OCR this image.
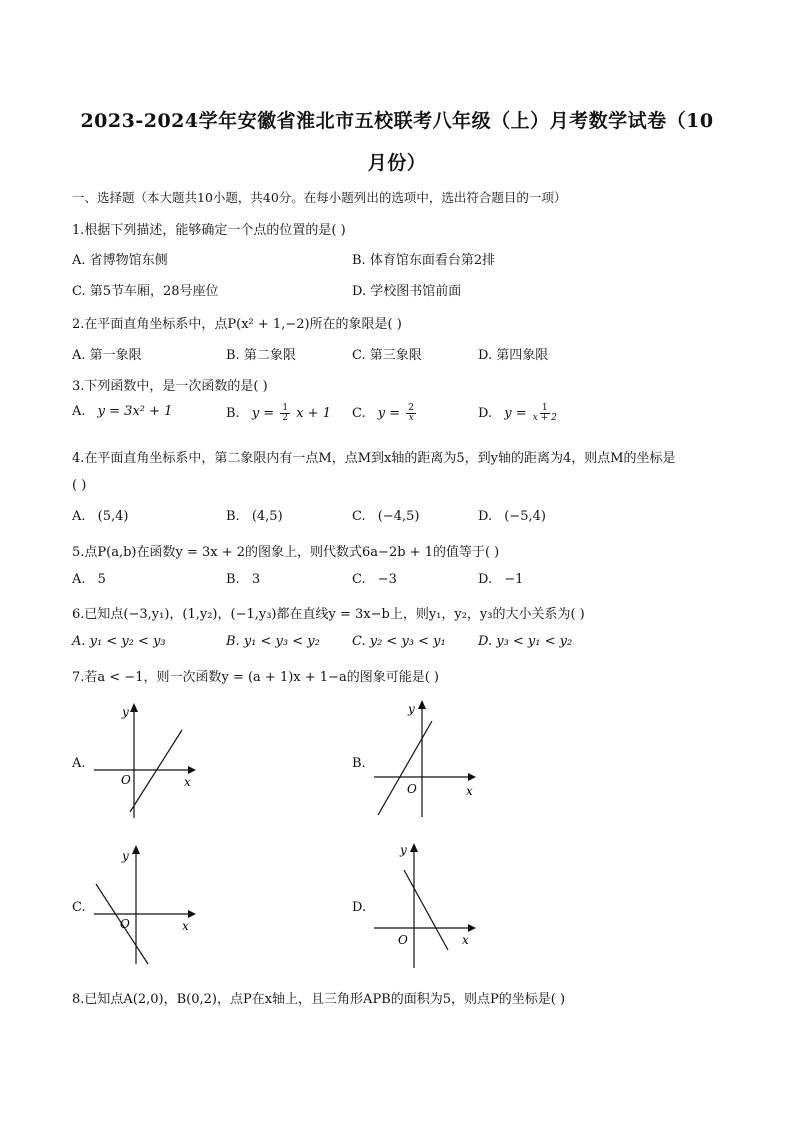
2023-2024学年安徽省淮北市五校联考八年级（上）月考数学试卷（10
月份）
一、选择题（本大题共10小题，共40分。在每小题列出的选项中，选出符合题目的一项）
1.根据下列描述，能够确定一个点的位置的是( )
A. 省博物馆东侧	B. 体育馆东面看台第2排
C. 第5节车厢，28号座位	D. 学校图书馆前面
2.在平面直角坐标系中，点P(x² + 1,−2)所在的象限是( )
A. 第一象限	B. 第二象限	C. 第三象限	D. 第四象限
3.下列函数中，是一次函数的是( )
A. y = 3x² + 1	B. $y = \frac{1}{2}$ x + 1 C. $y = \frac{2}{x}$	D. $y = \frac{1}{x + 2}$
4.在平面直角坐标系中，第二象限内有一点M，点M到x轴的距离为5，到y轴的距离为4，则点M的坐标是
( )
A. (5,4)	B. (4,5)	C. (−4,5)	D. (−5,4)
5.点P(a,b)在函数y = 3x + 2的图象上，则代数式6a−2b + 1的值等于( )
A. 5	B. 3	C. −3	D. −1
6.已知点(−3,y₁)，(1,y₂)，(−1,y₃)都在直线y = 3x−b上，则y₁，y₂，y₃的大小关系为( )
A. y₁ < y₂ < y₃	B. y₁ < y₃ < y₂ C. y₂ < y₃ < y₁ D. y₃ < y₁ < y₂
7.若a < −1，则一次函数y = (a + 1)x + 1−a的图象可能是( )
A.
y
x
O
B.
y
x
O
C.
y
x
O
D.
y
x
O
8.已知点A(2,0)，B(0,2)，点P在x轴上，且三角形APB的面积为5，则点P的坐标是( )
